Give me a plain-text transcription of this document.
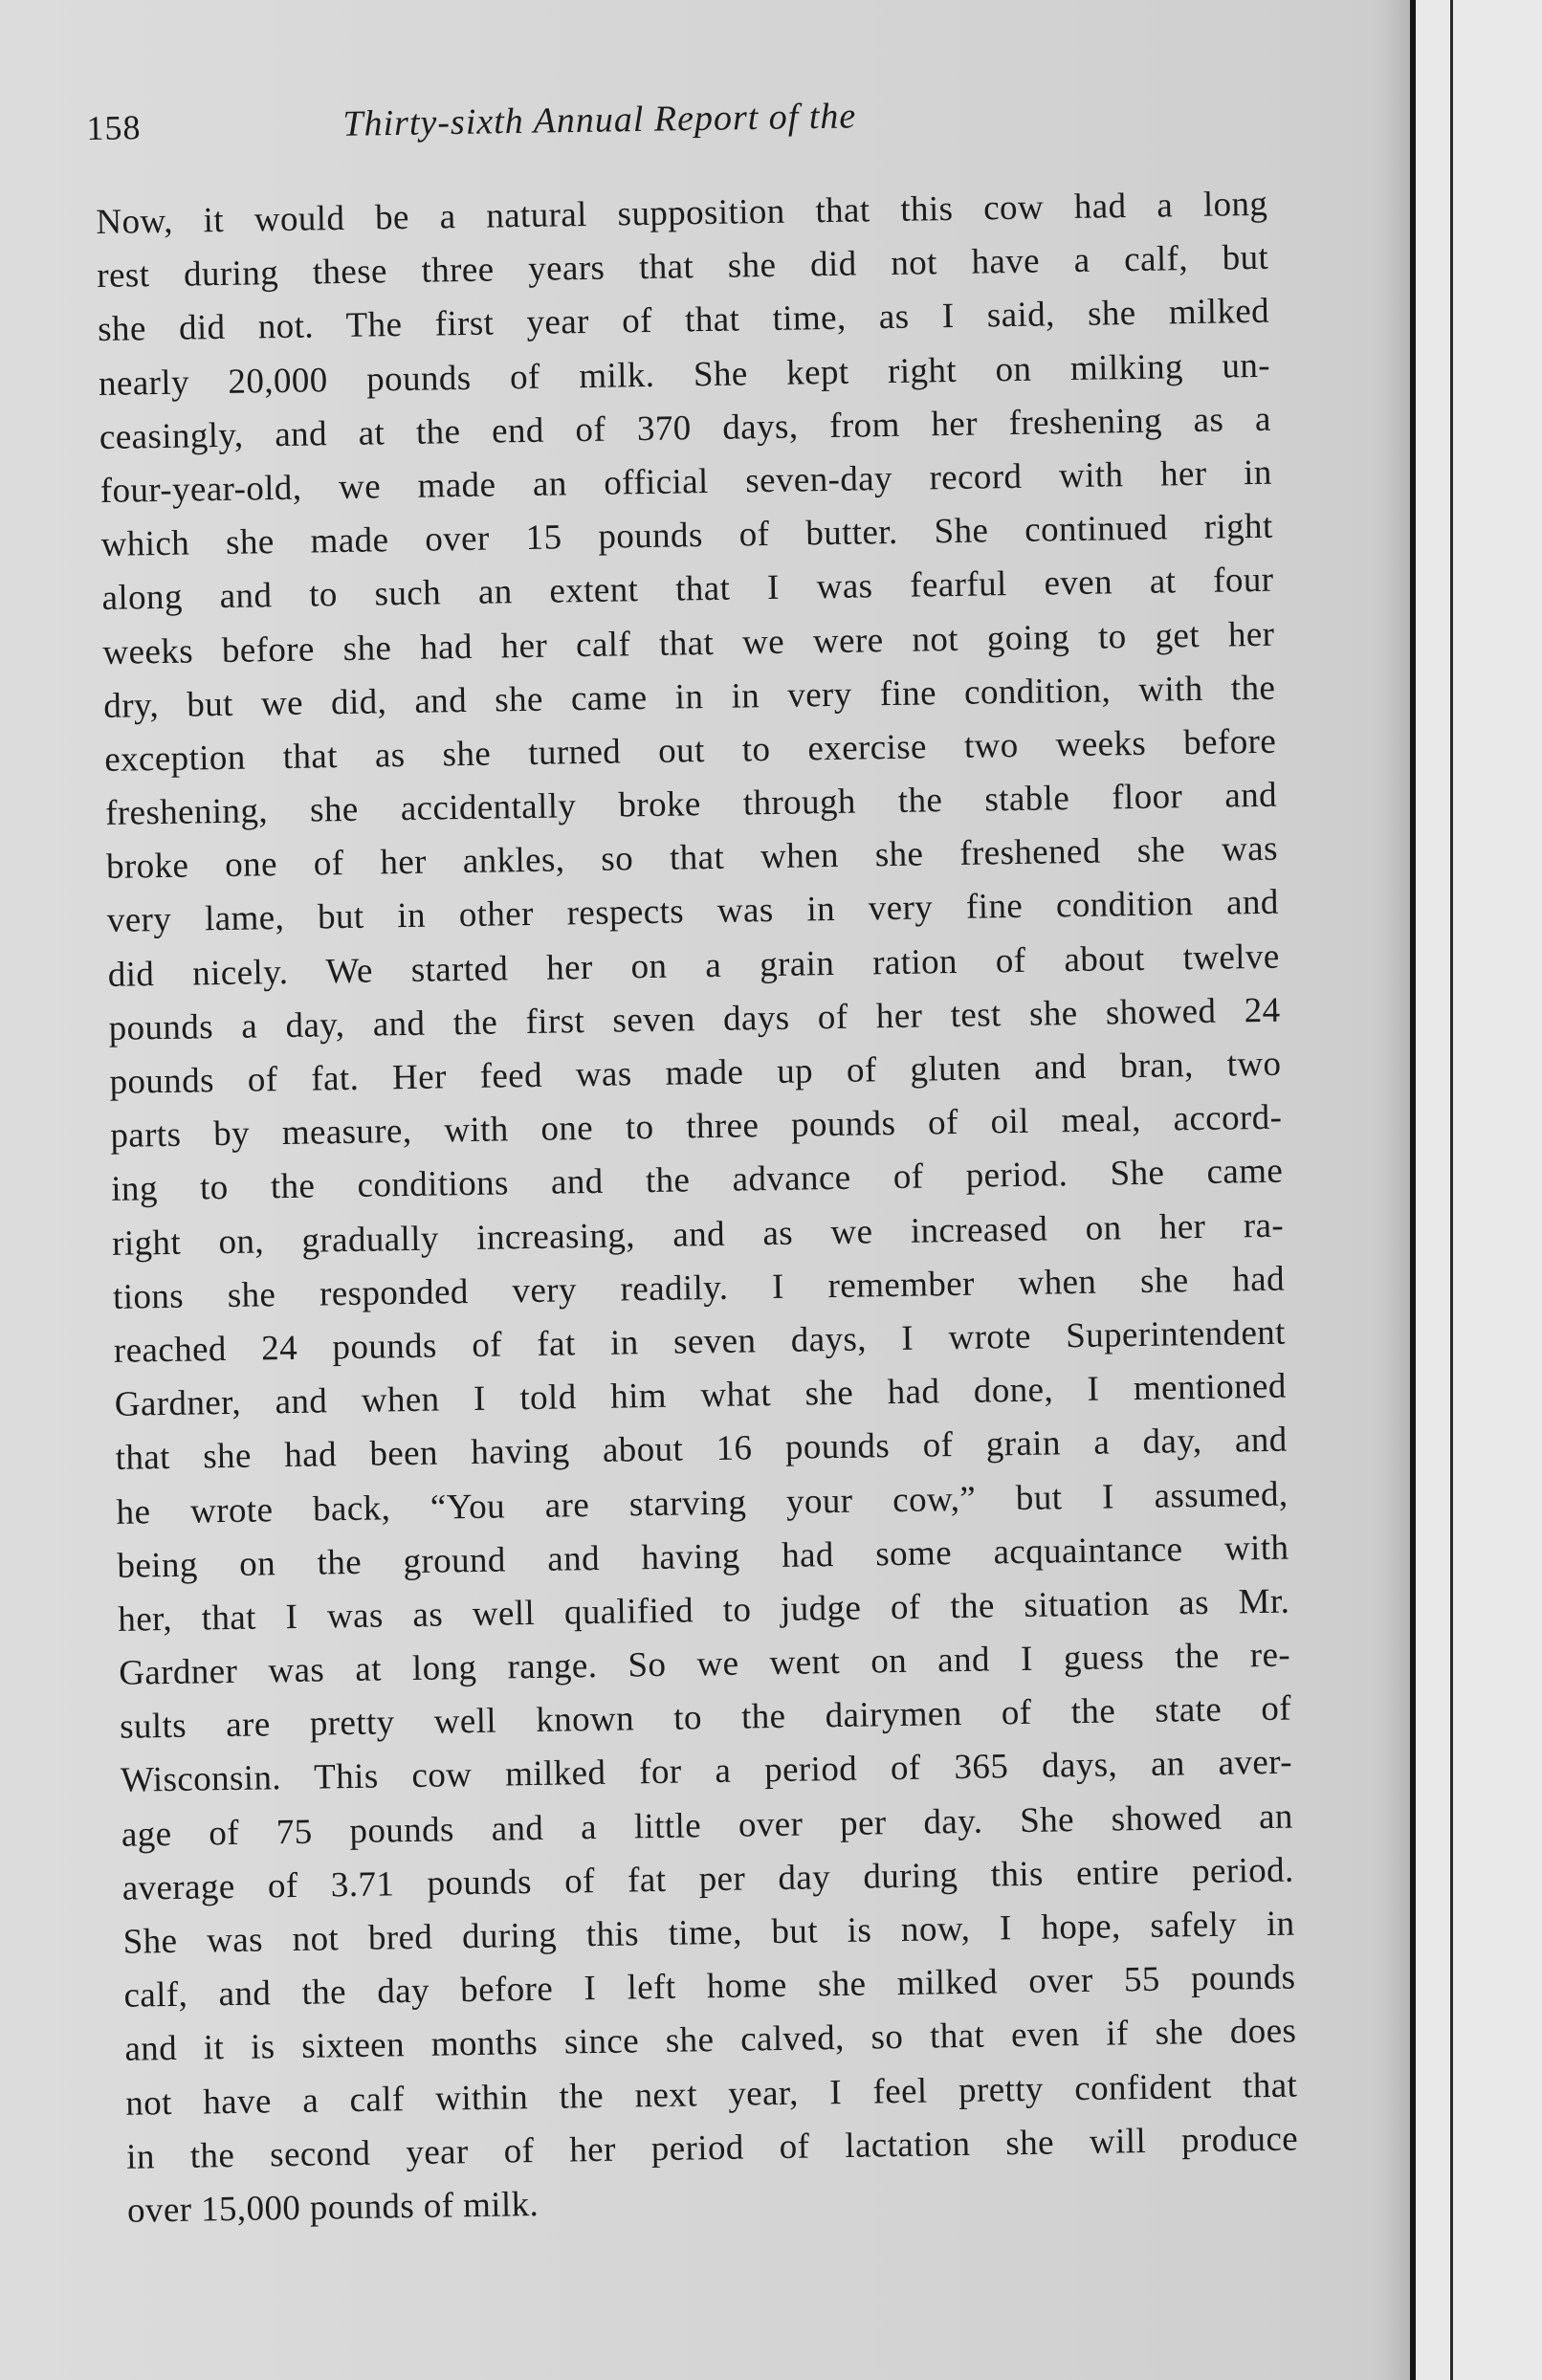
158	Thirty-sixth Annual Report of the
Now, it would be a natural supposition that this cow had a long
rest during these three years that she did not have a calf, but
she did not. The first year of that time, as I said, she milked
nearly 20,000 pounds of milk. She kept right on milking un-
ceasingly, and at the end of 370 days, from her freshening as a
four-year-old, we made an official seven-day record with her in
which she made over 15 pounds of butter. She continued right
along and to such an extent that I was fearful even at four
weeks before she had her calf that we were not going to get her
dry, but we did, and she came in in very fine condition, with the
exception that as she turned out to exercise two weeks before
freshening, she accidentally broke through the stable floor and
broke one of her ankles, so that when she freshened she was
very lame, but in other respects was in very fine condition and
did nicely. We started her on a grain ration of about twelve
pounds a day, and the first seven days of her test she showed 24
pounds of fat. Her feed was made up of gluten and bran, two
parts by measure, with one to three pounds of oil meal, accord-
ing to the conditions and the advance of period. She came
right on, gradually increasing, and as we increased on her ra-
tions she responded very readily. I remember when she had
reached 24 pounds of fat in seven days, I wrote Superintendent
Gardner, and when I told him what she had done, I mentioned
that she had been having about 16 pounds of grain a day, and
he wrote back, “You are starving your cow,” but I assumed,
being on the ground and having had some acquaintance with
her, that I was as well qualified to judge of the situation as Mr.
Gardner was at long range. So we went on and I guess the re-
sults are pretty well known to the dairymen of the state of
Wisconsin. This cow milked for a period of 365 days, an aver-
age of 75 pounds and a little over per day. She showed an
average of 3.71 pounds of fat per day during this entire period.
She was not bred during this time, but is now, I hope, safely in
calf, and the day before I left home she milked over 55 pounds
and it is sixteen months since she calved, so that even if she does
not have a calf within the next year, I feel pretty confident that
in the second year of her period of lactation she will produce
over 15,000 pounds of milk.
